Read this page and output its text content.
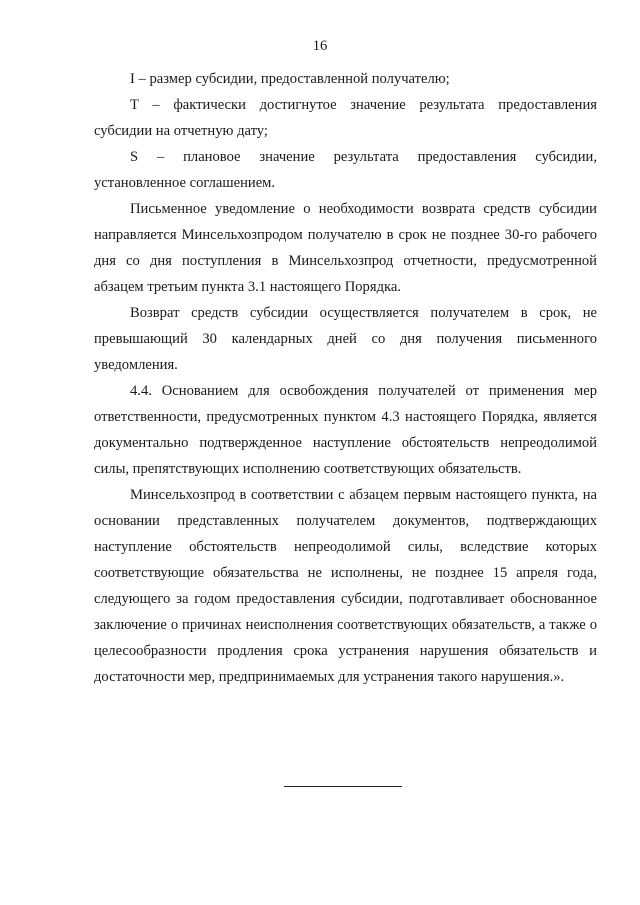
16

I – размер субсидии, предоставленной получателю;

T – фактически достигнутое значение результата предоставления субсидии на отчетную дату;

S – плановое значение результата предоставления субсидии, установленное соглашением.

Письменное уведомление о необходимости возврата средств субсидии направляется Минсельхозпродом получателю в срок не позднее 30-го рабочего дня со дня поступления в Минсельхозпрод отчетности, предусмотренной абзацем третьим пункта 3.1 настоящего Порядка.

Возврат средств субсидии осуществляется получателем в срок, не превышающий 30 календарных дней со дня получения письменного уведомления.

4.4. Основанием для освобождения получателей от применения мер ответственности, предусмотренных пунктом 4.3 настоящего Порядка, является документально подтвержденное наступление обстоятельств непреодолимой силы, препятствующих исполнению соответствующих обязательств.

Минсельхозпрод в соответствии с абзацем первым настоящего пункта, на основании представленных получателем документов, подтверждающих наступление обстоятельств непреодолимой силы, вследствие которых соответствующие обязательства не исполнены, не позднее 15 апреля года, следующего за годом предоставления субсидии, подготавливает обоснованное заключение о причинах неисполнения соответствующих обязательств, а также о целесообразности продления срока устранения нарушения обязательств и достаточности мер, предпринимаемых для устранения такого нарушения.».
